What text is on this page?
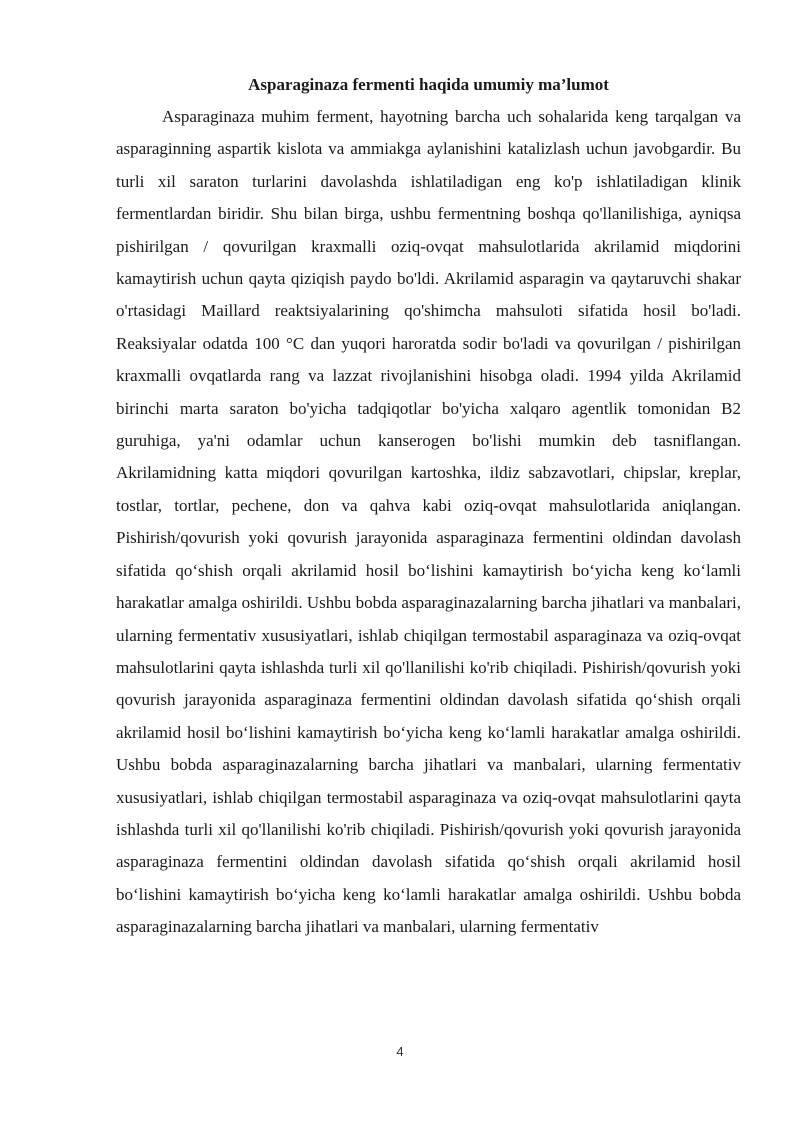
Asparaginaza fermenti haqida umumiy ma’lumot

Asparaginaza muhim ferment, hayotning barcha uch sohalarida keng tarqalgan va asparaginning aspartik kislota va ammiakga aylanishini katalizlash uchun javobgardir. Bu turli xil saraton turlarini davolashda ishlatiladigan eng ko'p ishlatiladigan klinik fermentlardan biridir. Shu bilan birga, ushbu fermentning boshqa qo'llanilishiga, ayniqsa pishirilgan / qovurilgan kraxmalli oziq-ovqat mahsulotlarida akrilamid miqdorini kamaytirish uchun qayta qiziqish paydo bo'ldi. Akrilamid asparagin va qaytaruvchi shakar o'rtasidagi Maillard reaktsiyalarining qo'shimcha mahsuloti sifatida hosil bo'ladi. Reaksiyalar odatda 100 °C dan yuqori haroratda sodir bo'ladi va qovurilgan / pishirilgan kraxmalli ovqatlarda rang va lazzat rivojlanishini hisobga oladi. 1994 yilda Akrilamid birinchi marta saraton bo'yicha tadqiqotlar bo'yicha xalqaro agentlik tomonidan B2 guruhiga, ya'ni odamlar uchun kanserogen bo'lishi mumkin deb tasniflangan. Akrilamidning katta miqdori qovurilgan kartoshka, ildiz sabzavotlari, chipslar, kreplar, tostlar, tortlar, pechene, don va qahva kabi oziq-ovqat mahsulotlarida aniqlangan. Pishirish/qovurish yoki qovurish jarayonida asparaginaza fermentini oldindan davolash sifatida qo‘shish orqali akrilamid hosil bo‘lishini kamaytirish bo‘yicha keng ko‘lamli harakatlar amalga oshirildi. Ushbu bobda asparaginazalarning barcha jihatlari va manbalari, ularning fermentativ xususiyatlari, ishlab chiqilgan termostabil asparaginaza va oziq-ovqat mahsulotlarini qayta ishlashda turli xil qo'llanilishi ko'rib chiqiladi. Pishirish/qovurish yoki qovurish jarayonida asparaginaza fermentini oldindan davolash sifatida qo‘shish orqali akrilamid hosil bo‘lishini kamaytirish bo‘yicha keng ko‘lamli harakatlar amalga oshirildi. Ushbu bobda asparaginazalarning barcha jihatlari va manbalari, ularning fermentativ xususiyatlari, ishlab chiqilgan termostabil asparaginaza va oziq-ovqat mahsulotlarini qayta ishlashda turli xil qo'llanilishi ko'rib chiqiladi. Pishirish/qovurish yoki qovurish jarayonida asparaginaza fermentini oldindan davolash sifatida qo‘shish orqali akrilamid hosil bo‘lishini kamaytirish bo‘yicha keng ko‘lamli harakatlar amalga oshirildi. Ushbu bobda asparaginazalarning barcha jihatlari va manbalari, ularning fermentativ

4
